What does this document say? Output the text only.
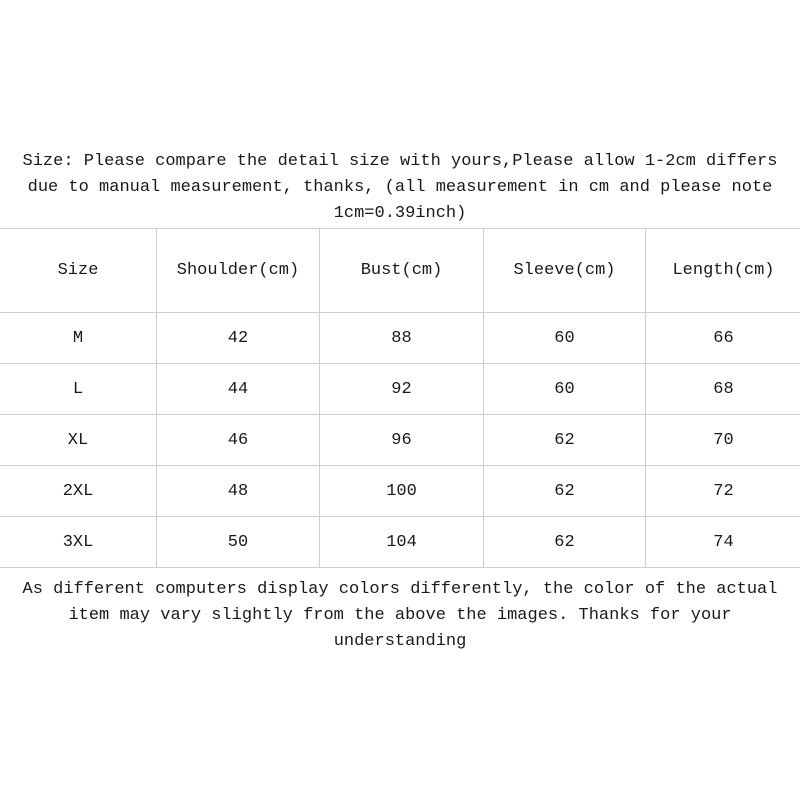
Size: Please compare the detail size with yours,Please allow 1-2cm differs
due to manual measurement, thanks, (all measurement in cm and please note
1cm=0.39inch)
Size	Shoulder(cm)	Bust(cm)	Sleeve(cm)	Length(cm)
M	42	88	60	66
L	44	92	60	68
XL	46	96	62	70
2XL	48	100	62	72
3XL	50	104	62	74
As different computers display colors differently, the color of the actual
item may vary slightly from the above the images. Thanks for your
understanding
